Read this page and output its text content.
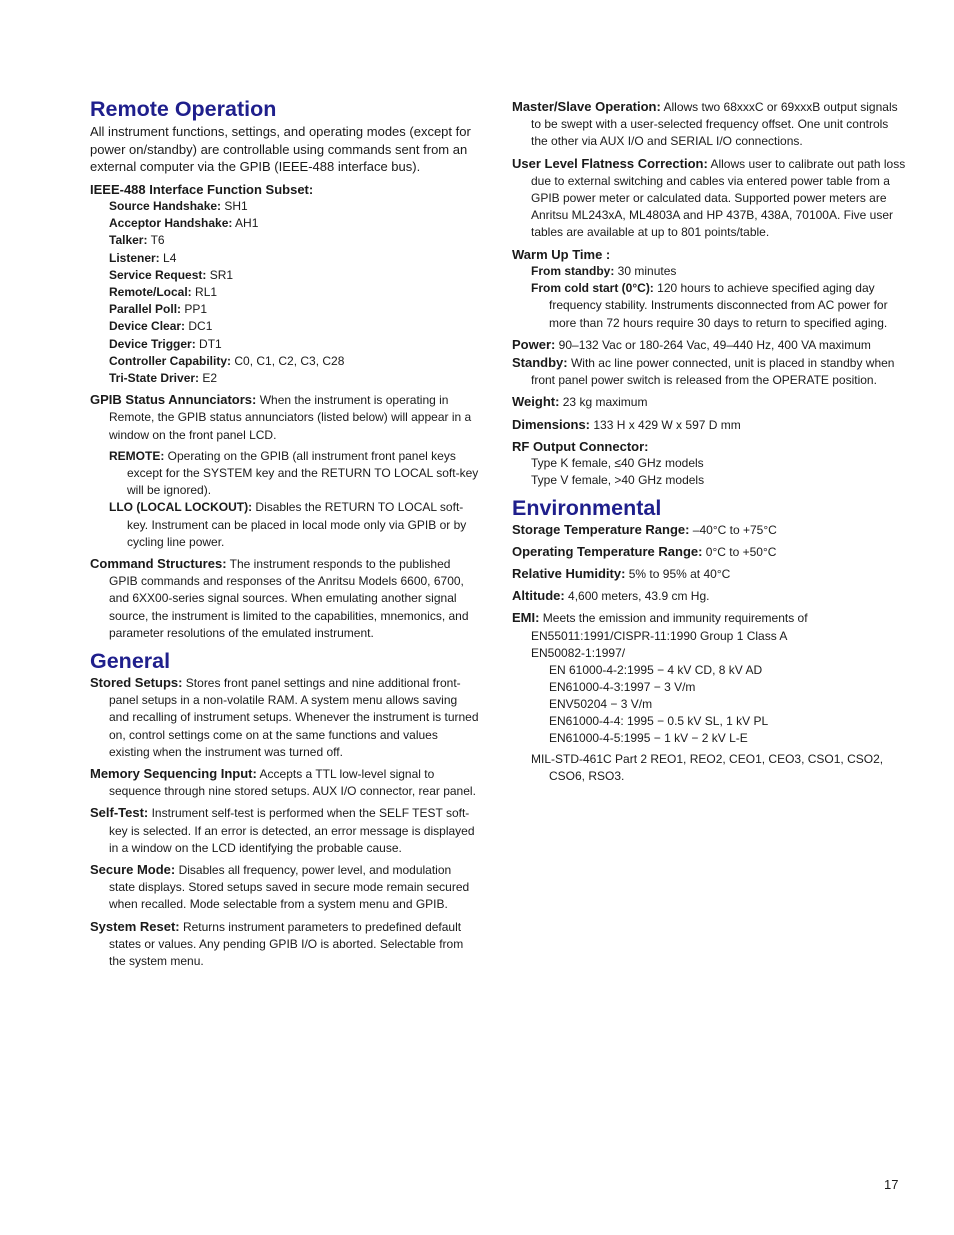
Remote Operation

All instrument functions, settings, and operating modes (except for power on/standby) are controllable using commands sent from an external computer via the GPIB (IEEE-488 interface bus).

IEEE-488 Interface Function Subset:

Source Handshake: SH1
Acceptor Handshake: AH1
Talker: T6
Listener: L4
Service Request: SR1
Remote/Local: RL1
Parallel Poll: PP1
Device Clear: DC1
Device Trigger: DT1
Controller Capability: C0, C1, C2, C3, C28
Tri-State Driver: E2

GPIB Status Annunciators: When the instrument is operating in Remote, the GPIB status annunciators (listed below) will appear in a window on the front panel LCD.

REMOTE: Operating on the GPIB (all instrument front panel keys except for the SYSTEM key and the RETURN TO LOCAL soft-key will be ignored).

LLO (LOCAL LOCKOUT): Disables the RETURN TO LOCAL soft-key. Instrument can be placed in local mode only via GPIB or by cycling line power.

Command Structures: The instrument responds to the published GPIB commands and responses of the Anritsu Models 6600, 6700, and 6XX00-series signal sources. When emulating another signal source, the instrument is limited to the capabilities, mnemonics, and parameter resolutions of the emulated instrument.

General

Stored Setups: Stores front panel settings and nine additional front-panel setups in a non-volatile RAM. A system menu allows saving and recalling of instrument setups. Whenever the instrument is turned on, control settings come on at the same functions and values existing when the instrument was turned off.

Memory Sequencing Input: Accepts a TTL low-level signal to sequence through nine stored setups. AUX I/O connector, rear panel.

Self-Test: Instrument self-test is performed when the SELF TEST soft-key is selected. If an error is detected, an error message is displayed in a window on the LCD identifying the probable cause.

Secure Mode: Disables all frequency, power level, and modulation state displays. Stored setups saved in secure mode remain secured when recalled. Mode selectable from a system menu and GPIB.

System Reset: Returns instrument parameters to predefined default states or values. Any pending GPIB I/O is aborted. Selectable from the system menu.

Master/Slave Operation: Allows two 68xxxC or 69xxxB output signals to be swept with a user-selected frequency offset. One unit controls the other via AUX I/O and SERIAL I/O connections.

User Level Flatness Correction: Allows user to calibrate out path loss due to external switching and cables via entered power table from a GPIB power meter or calculated data. Supported power meters are Anritsu ML243xA, ML4803A and HP 437B, 438A, 70100A. Five user tables are available at up to 801 points/table.

Warm Up Time :

From standby: 30 minutes

From cold start (0°C): 120 hours to achieve specified aging day frequency stability. Instruments disconnected from AC power for more than 72 hours require 30 days to return to specified aging.

Power: 90–132 Vac or 180-264 Vac, 49–440 Hz, 400 VA maximum

Standby: With ac line power connected, unit is placed in standby when front panel power switch is released from the OPERATE position.

Weight: 23 kg maximum

Dimensions: 133 H x 429 W x 597 D mm

RF Output Connector:

Type K female, ≤40 GHz models
Type V female, >40 GHz models
Environmental

Storage Temperature Range: –40°C to +75°C

Operating Temperature Range: 0°C to +50°C

Relative Humidity: 5% to 95% at 40°C

Altitude: 4,600 meters, 43.9 cm Hg.

EMI: Meets the emission and immunity requirements of

EN55011:1991/CISPR-11:1990 Group 1 Class A
EN50082-1:1997/
EN 61000-4-2:1995 − 4 kV CD, 8 kV AD
EN61000-4-3:1997 − 3 V/m
ENV50204 − 3 V/m
EN61000-4-4: 1995 − 0.5 kV SL, 1 kV PL
EN61000-4-5:1995 − 1 kV − 2 kV L-E

MIL-STD-461C Part 2 REO1, REO2, CEO1, CEO3, CSO1, CSO2, CSO6, RSO3.

17
